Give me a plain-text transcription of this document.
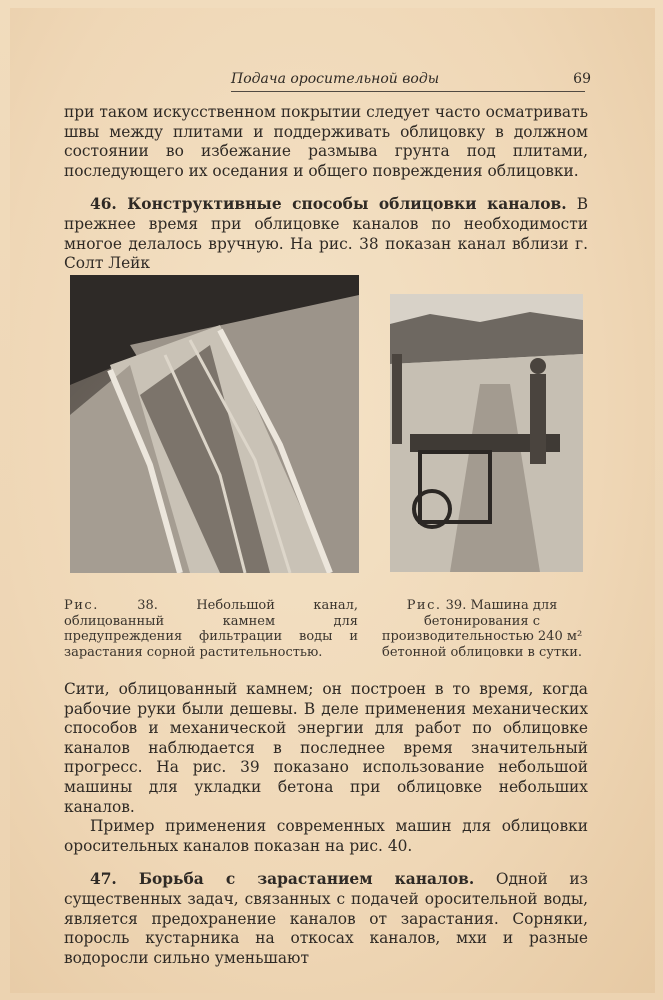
Подача оросительной воды	69

при таком искусственном покрытии следует часто осматривать швы между плитами и поддерживать облицовку в должном состоянии во избежание размыва грунта под плитами, последующего их оседания и общего повреждения облицовки.

46. Конструктивные способы облицовки каналов. В прежнее время при облицовке каналов по необходимости многое делалось вручную. На рис. 38 показан канал вблизи г. Солт Лейк

Рис.	38.	Небольшой канал, облицованный камнем для предупреждения фильтрации воды и зарастания сорной растительностью.
Рис. 39. Машина для бетонирования с производительностью 240 м² бетонной облицовки в сутки.

Сити, облицованный камнем; он построен в то время, когда рабочие руки были дешевы. В деле применения механических способов и механической энергии для работ по облицовке каналов наблюдается в последнее время значительный прогресс. На рис. 39 показано использование небольшой машины для укладки бетона при облицовке небольших каналов.

Пример применения современных машин для облицовки оросительных каналов показан на рис. 40.

47. Борьба с зарастанием каналов. Одной из существенных задач, связанных с подачей оросительной воды, является предохранение каналов от зарастания. Сорняки, поросль кустарника на откосах каналов, мхи и разные водоросли сильно уменьшают
